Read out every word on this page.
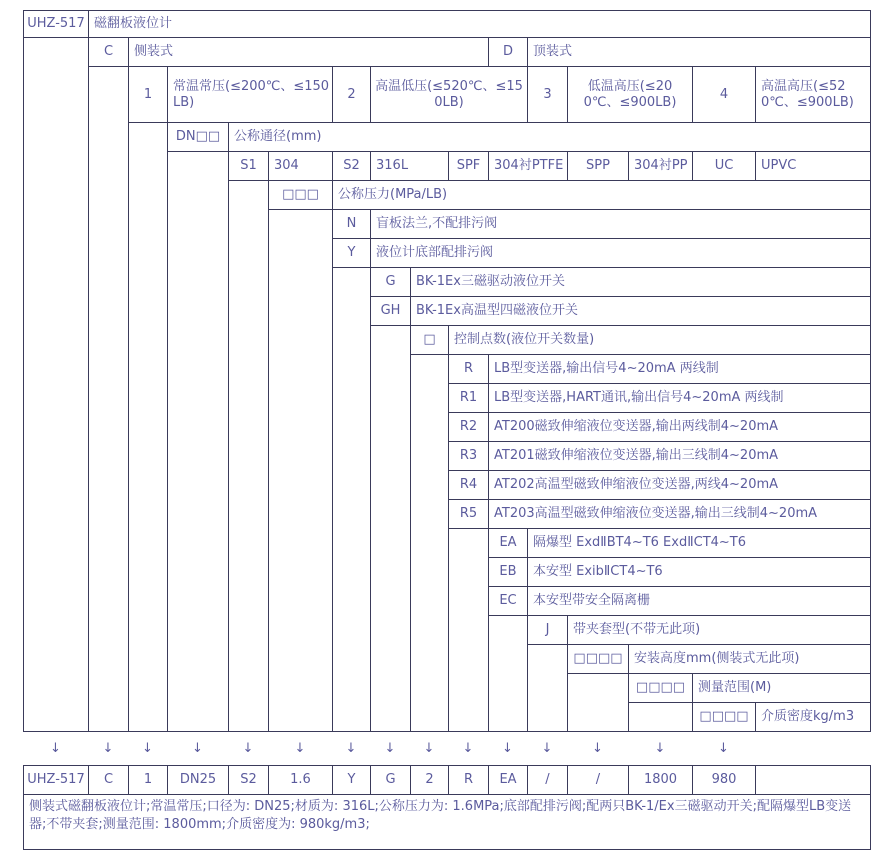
UHZ-517	磁翻板液位计														
	C	侧装式								D	顶装式				
		1	常温常压(≤200℃、≤150LB)			2	高温低压(≤520℃、≤150LB)				3	低温高压(≤200℃、≤900LB)		4	高温高压(≤520℃、≤900LB)
			DN□□	公称通径(mm)											
				S1	304	S2	316L		SPF	304衬PTFE		SPP	304衬PP	UC	UPVC
					□□□	公称压力(MPa/LB)									
						N	盲板法兰,不配排污阀								
						Y	液位计底部配排污阀								
							G	BK-1Ex三磁驱动液位开关							
							GH	BK-1Ex高温型四磁液位开关							
								□	控制点数(液位开关数量)						
									R	LB型变送器,输出信号4~20mA 两线制					
									R1	LB型变送器,HART通讯,输出信号4~20mA 两线制					
									R2	AT200磁致伸缩液位变送器,输出两线制4~20mA					
									R3	AT201磁致伸缩液位变送器,输出三线制4~20mA					
									R4	AT202高温型磁致伸缩液位变送器,两线4~20mA					
									R5	AT203高温型磁致伸缩液位变送器,输出三线制4~20mA					
										EA	隔爆型 ExdⅡBT4~T6 ExdⅡCT4~T6				
										EB	本安型 ExibⅡCT4~T6				
										EC	本安型带安全隔离栅				
											J	带夹套型(不带无此项)			
												□□□□	安装高度mm(侧装式无此项)		
													□□□□	测量范围(M)	
														□□□□	介质密度kg/m3
↓	↓	↓	↓	↓	↓	↓	↓	↓	↓	↓	↓	↓	↓	↓	
UHZ-517	C	1	DN25	S2	1.6	Y	G	2	R	EA	/	/	1800	980	
侧装式磁翻板液位计;常温常压;口径为: DN25;材质为: 316L;公称压力为: 1.6MPa;底部配排污阀;配两只BK-1/Ex三磁驱动开关;配隔爆型LB变送器;不带夹套;测量范围: 1800mm;介质密度为: 980kg/m3;
